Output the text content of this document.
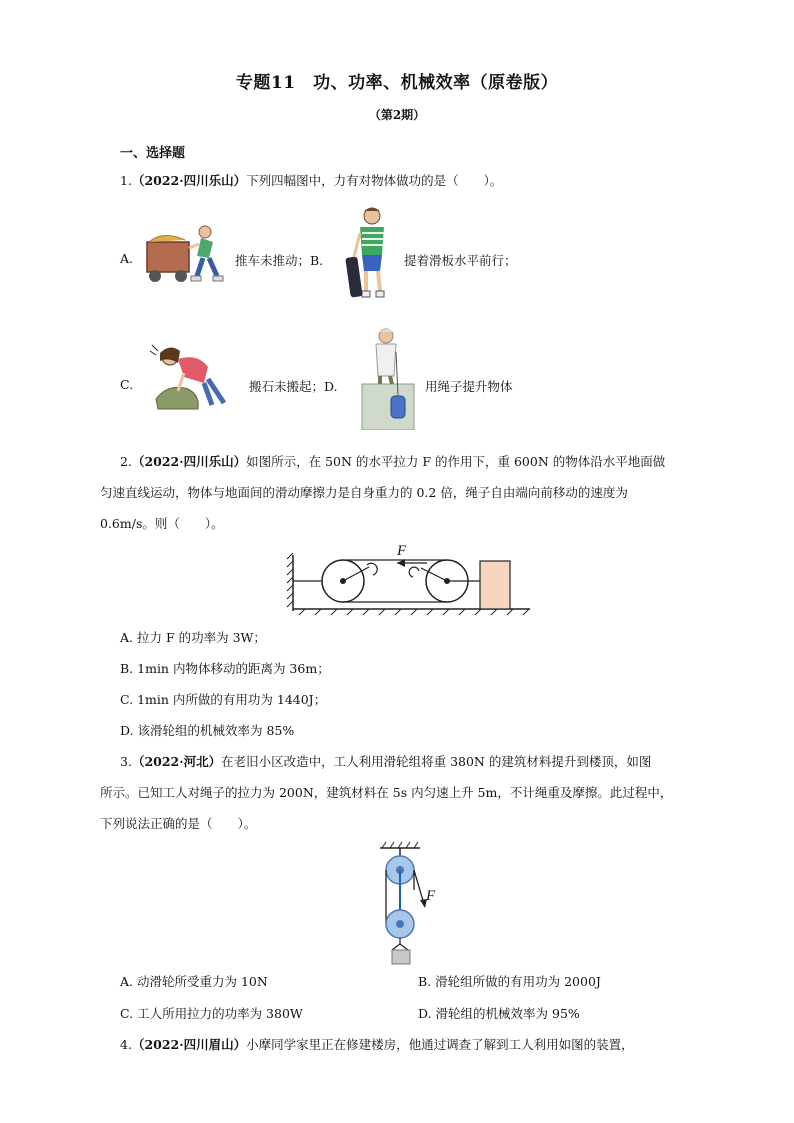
专题11　功、功率、机械效率（原卷版）
（第2期）
一、选择题
1.（2022·四川乐山）下列四幅图中，力有对物体做功的是（　　）。
A.	推车未推动；B.	提着滑板水平前行；
C.	搬石未搬起；D.	用绳子提升物体
2.（2022·四川乐山）如图所示，在 50N 的水平拉力 F 的作用下，重 600N 的物体沿水平地面做
匀速直线运动，物体与地面间的滑动摩擦力是自身重力的 0.2 倍，绳子自由端向前移动的速度为
0.6m/s。则（　　）。
F
A. 拉力 F 的功率为 3W；
B. 1min 内物体移动的距离为 36m；
C. 1min 内所做的有用功为 1440J；
D. 该滑轮组的机械效率为 85%
3.（2022·河北）在老旧小区改造中，工人利用滑轮组将重 380N 的建筑材料提升到楼顶，如图
所示。已知工人对绳子的拉力为 200N，建筑材料在 5s 内匀速上升 5m，不计绳重及摩擦。此过程中，
下列说法正确的是（　　）。
F
A. 动滑轮所受重力为 10N	B. 滑轮组所做的有用功为 2000J
C. 工人所用拉力的功率为 380W	D. 滑轮组的机械效率为 95%
4.（2022·四川眉山）小摩同学家里正在修建楼房，他通过调查了解到工人利用如图的装置，
